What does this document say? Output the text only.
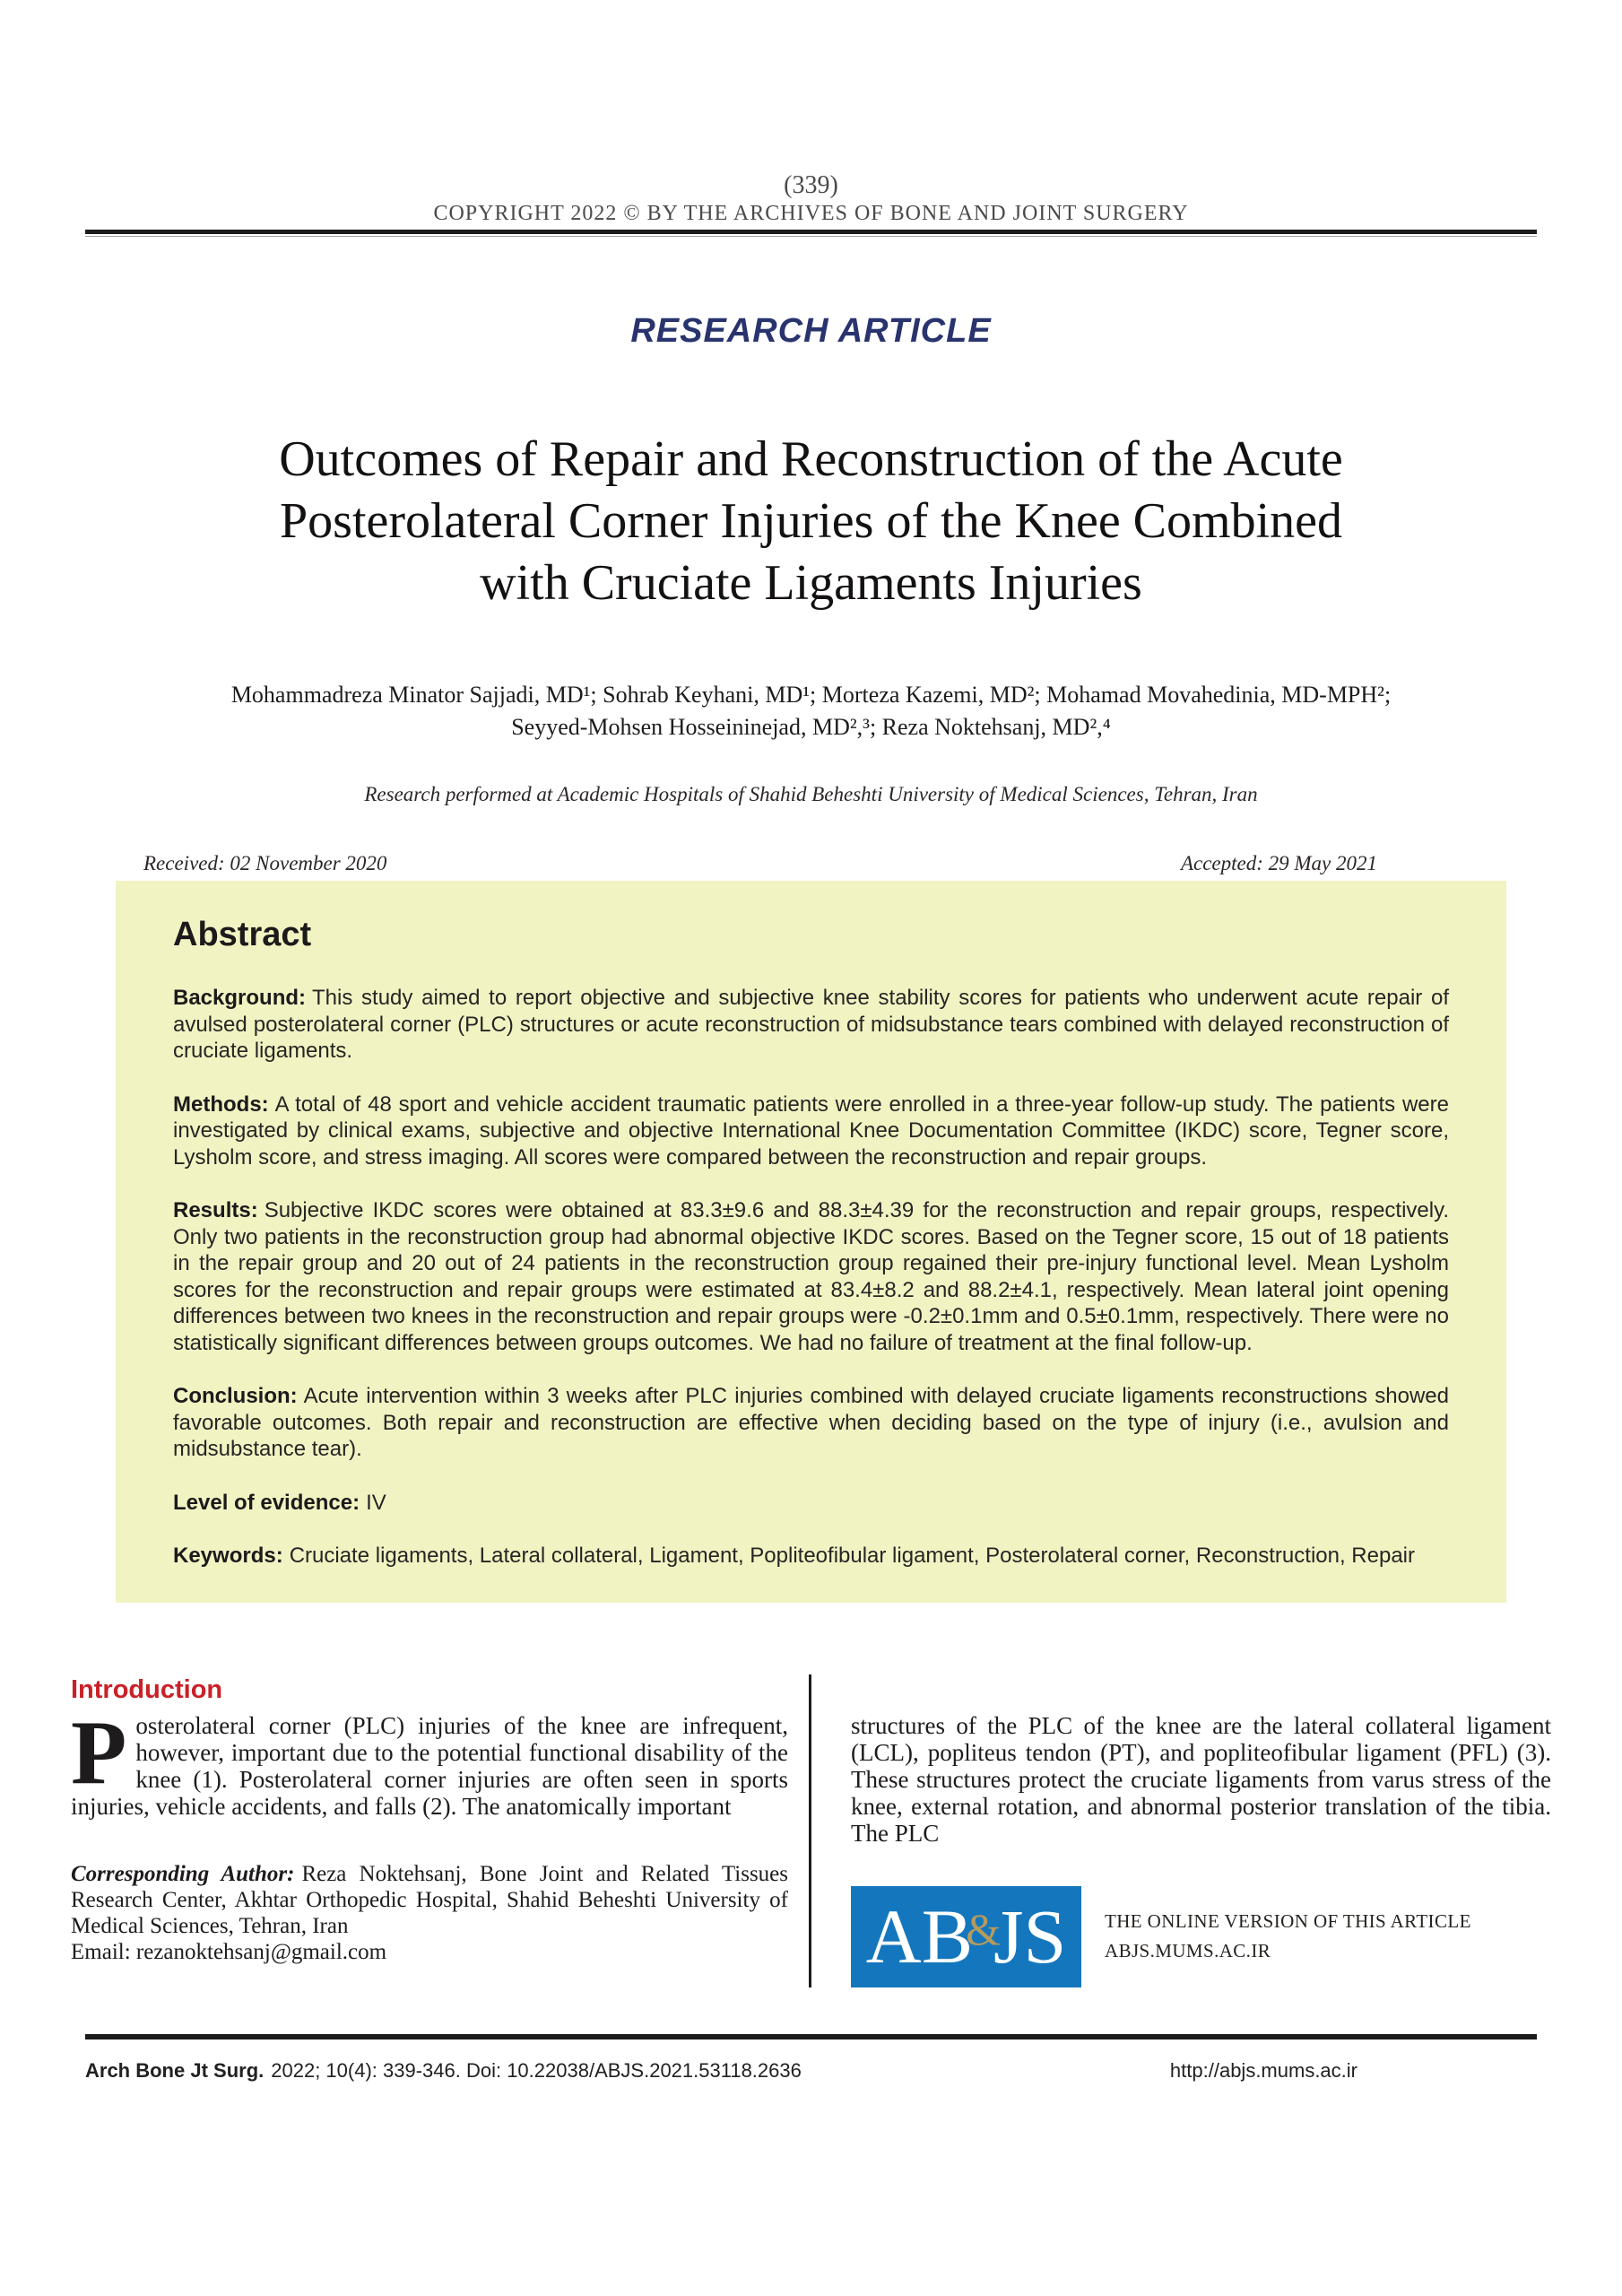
(339)
COPYRIGHT 2022 © BY THE ARCHIVES OF BONE AND JOINT SURGERY
RESEARCH ARTICLE
Outcomes of Repair and Reconstruction of the Acute
Posterolateral Corner Injuries of the Knee Combined
with Cruciate Ligaments Injuries
Mohammadreza Minator Sajjadi, MD¹; Sohrab Keyhani, MD¹; Morteza Kazemi, MD²; Mohamad Movahedinia, MD-MPH²;
Seyyed-Mohsen Hosseininejad, MD²,³; Reza Noktehsanj, MD²,⁴
Research performed at Academic Hospitals of Shahid Beheshti University of Medical Sciences, Tehran, Iran
Received: 02 November 2020	Accepted: 29 May 2021
Abstract

Background: This study aimed to report objective and subjective knee stability scores for patients who underwent acute repair of avulsed posterolateral corner (PLC) structures or acute reconstruction of midsubstance tears combined with delayed reconstruction of cruciate ligaments.

Methods: A total of 48 sport and vehicle accident traumatic patients were enrolled in a three-year follow-up study. The patients were investigated by clinical exams, subjective and objective International Knee Documentation Committee (IKDC) score, Tegner score, Lysholm score, and stress imaging. All scores were compared between the reconstruction and repair groups.

Results: Subjective IKDC scores were obtained at 83.3±9.6 and 88.3±4.39 for the reconstruction and repair groups, respectively. Only two patients in the reconstruction group had abnormal objective IKDC scores. Based on the Tegner score, 15 out of 18 patients in the repair group and 20 out of 24 patients in the reconstruction group regained their pre-injury functional level. Mean Lysholm scores for the reconstruction and repair groups were estimated at 83.4±8.2 and 88.2±4.1, respectively. Mean lateral joint opening differences between two knees in the reconstruction and repair groups were -0.2±0.1mm and 0.5±0.1mm, respectively. There were no statistically significant differences between groups outcomes. We had no failure of treatment at the final follow-up.

Conclusion: Acute intervention within 3 weeks after PLC injuries combined with delayed cruciate ligaments reconstructions showed favorable outcomes. Both repair and reconstruction are effective when deciding based on the type of injury (i.e., avulsion and midsubstance tear).

Level of evidence: IV

Keywords: Cruciate ligaments, Lateral collateral, Ligament, Popliteofibular ligament, Posterolateral corner, Reconstruction, Repair

Introduction

Posterolateral corner (PLC) injuries of the knee are infrequent, however, important due to the potential functional disability of the knee (1). Posterolateral corner injuries are often seen in sports injuries, vehicle accidents, and falls (2). The anatomically important

Corresponding Author: Reza Noktehsanj, Bone Joint and Related Tissues Research Center, Akhtar Orthopedic Hospital, Shahid Beheshti University of Medical Sciences, Tehran, Iran
Email: rezanoktehsanj@gmail.com

structures of the PLC of the knee are the lateral collateral ligament (LCL), popliteus tendon (PT), and popliteofibular ligament (PFL) (3). These structures protect the cruciate ligaments from varus stress of the knee, external rotation, and abnormal posterior translation of the tibia. The PLC

AB
&
JS THE ONLINE VERSION OF THIS ARTICLE
ABJS.MUMS.AC.IR
Arch Bone Jt Surg. 2022; 10(4): 339-346. Doi: 10.22038/ABJS.2021.53118.2636	http://abjs.mums.ac.ir
